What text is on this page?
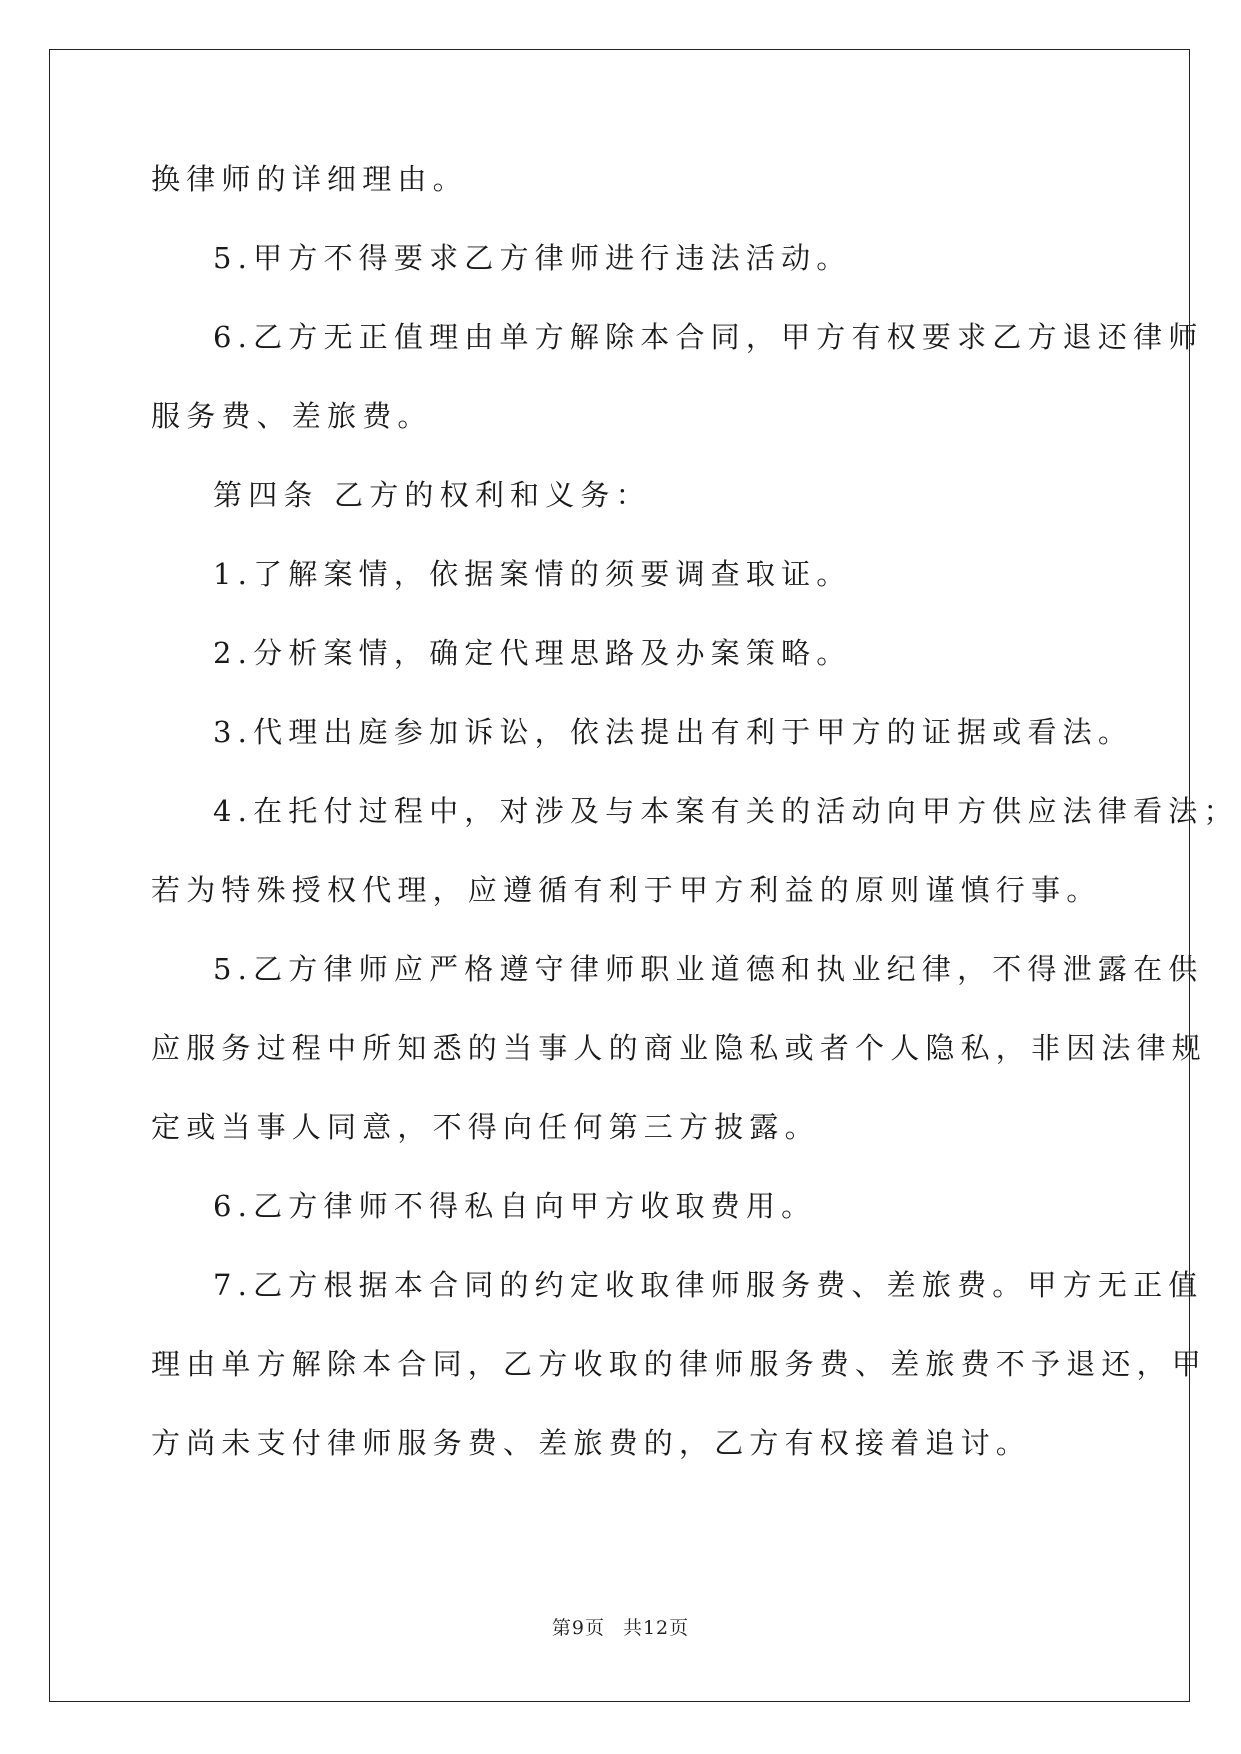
换律师的详细理由。
5.甲方不得要求乙方律师进行违法活动。
6.乙方无正值理由单方解除本合同，甲方有权要求乙方退还律师
服务费、差旅费。
第四条 乙方的权利和义务：
1.了解案情，依据案情的须要调查取证。
2.分析案情，确定代理思路及办案策略。
3.代理出庭参加诉讼，依法提出有利于甲方的证据或看法。
4.在托付过程中，对涉及与本案有关的活动向甲方供应法律看法；
若为特殊授权代理，应遵循有利于甲方利益的原则谨慎行事。
5.乙方律师应严格遵守律师职业道德和执业纪律，不得泄露在供
应服务过程中所知悉的当事人的商业隐私或者个人隐私，非因法律规
定或当事人同意，不得向任何第三方披露。
6.乙方律师不得私自向甲方收取费用。
7.乙方根据本合同的约定收取律师服务费、差旅费。甲方无正值
理由单方解除本合同，乙方收取的律师服务费、差旅费不予退还，甲
方尚未支付律师服务费、差旅费的，乙方有权接着追讨。
第9页 共12页
